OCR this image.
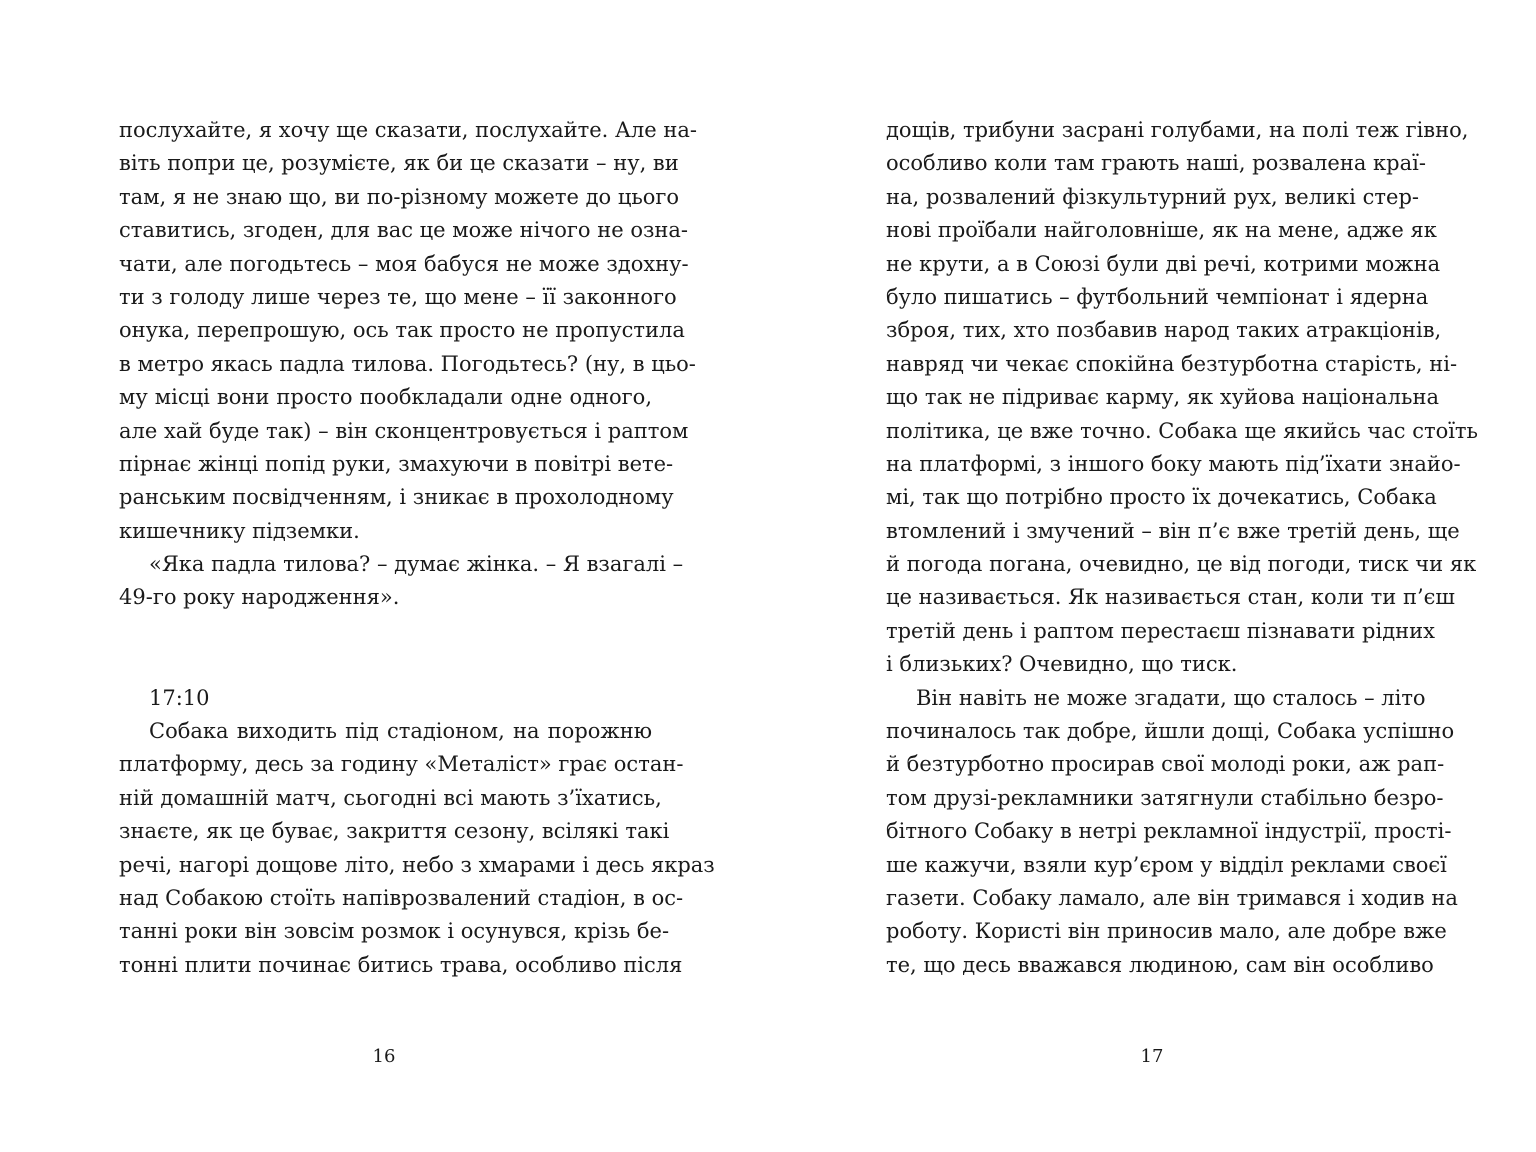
послухайте, я хочу ще сказати, послухайте. Але на-
віть попри це, розумієте, як би це сказати – ну, ви
там, я не знаю що, ви по-різному можете до цього
ставитись, згоден, для вас це може нічого не озна-
чати, але погодьтесь – моя бабуся не може здохну-
ти з голоду лише через те, що мене – її законного
онука, перепрошую, ось так просто не пропустила
в метро якась падла тилова. Погодьтесь? (ну, в цьо-
му місці вони просто пообкладали одне одного,
але хай буде так) – він сконцентровується і раптом
пірнає жінці попід руки, змахуючи в повітрі вете-
ранським посвідченням, і зникає в прохолодному
кишечнику підземки.
«Яка падла тилова? – думає жінка. – Я взагалі –
49-го року народження».
17:10
Собака виходить під стадіоном, на порожню
платформу, десь за годину «Металіст» грає остан-
ній домашній матч, сьогодні всі мають з’їхатись,
знаєте, як це буває, закриття сезону, всілякі такі
речі, нагорі дощове літо, небо з хмарами і десь якраз
над Собакою стоїть напіврозвалений стадіон, в ос-
танні роки він зовсім розмок і осунувся, крізь бе-
тонні плити починає битись трава, особливо після
дощів, трибуни засрані голубами, на полі теж гівно,
особливо коли там грають наші, розвалена краї-
на, розвалений фізкультурний рух, великі стер-
нові проїбали найголовніше, як на мене, адже як
не крути, а в Союзі були дві речі, котрими можна
було пишатись – футбольний чемпіонат і ядерна
зброя, тих, хто позбавив народ таких атракціонів,
навряд чи чекає спокійна безтурботна старість, ні-
що так не підриває карму, як хуйова національна
політика, це вже точно. Собака ще якийсь час стоїть
на платформі, з іншого боку мають під’їхати знайо-
мі, так що потрібно просто їх дочекатись, Собака
втомлений і змучений – він п’є вже третій день, ще
й погода погана, очевидно, це від погоди, тиск чи як
це називається. Як називається стан, коли ти п’єш
третій день і раптом перестаєш пізнавати рідних
і близьких? Очевидно, що тиск.
Він навіть не може згадати, що сталось – літо
починалось так добре, йшли дощі, Собака успішно
й безтурботно просирав свої молоді роки, аж рап-
том друзі-рекламники затягнули стабільно безро-
бітного Собаку в нетрі рекламної індустрії, прості-
ше кажучи, взяли кур’єром у відділ реклами своєї
газети. Собаку ламало, але він тримався і ходив на
роботу. Користі він приносив мало, але добре вже
те, що десь вважався людиною, сам він особливо
16	17
